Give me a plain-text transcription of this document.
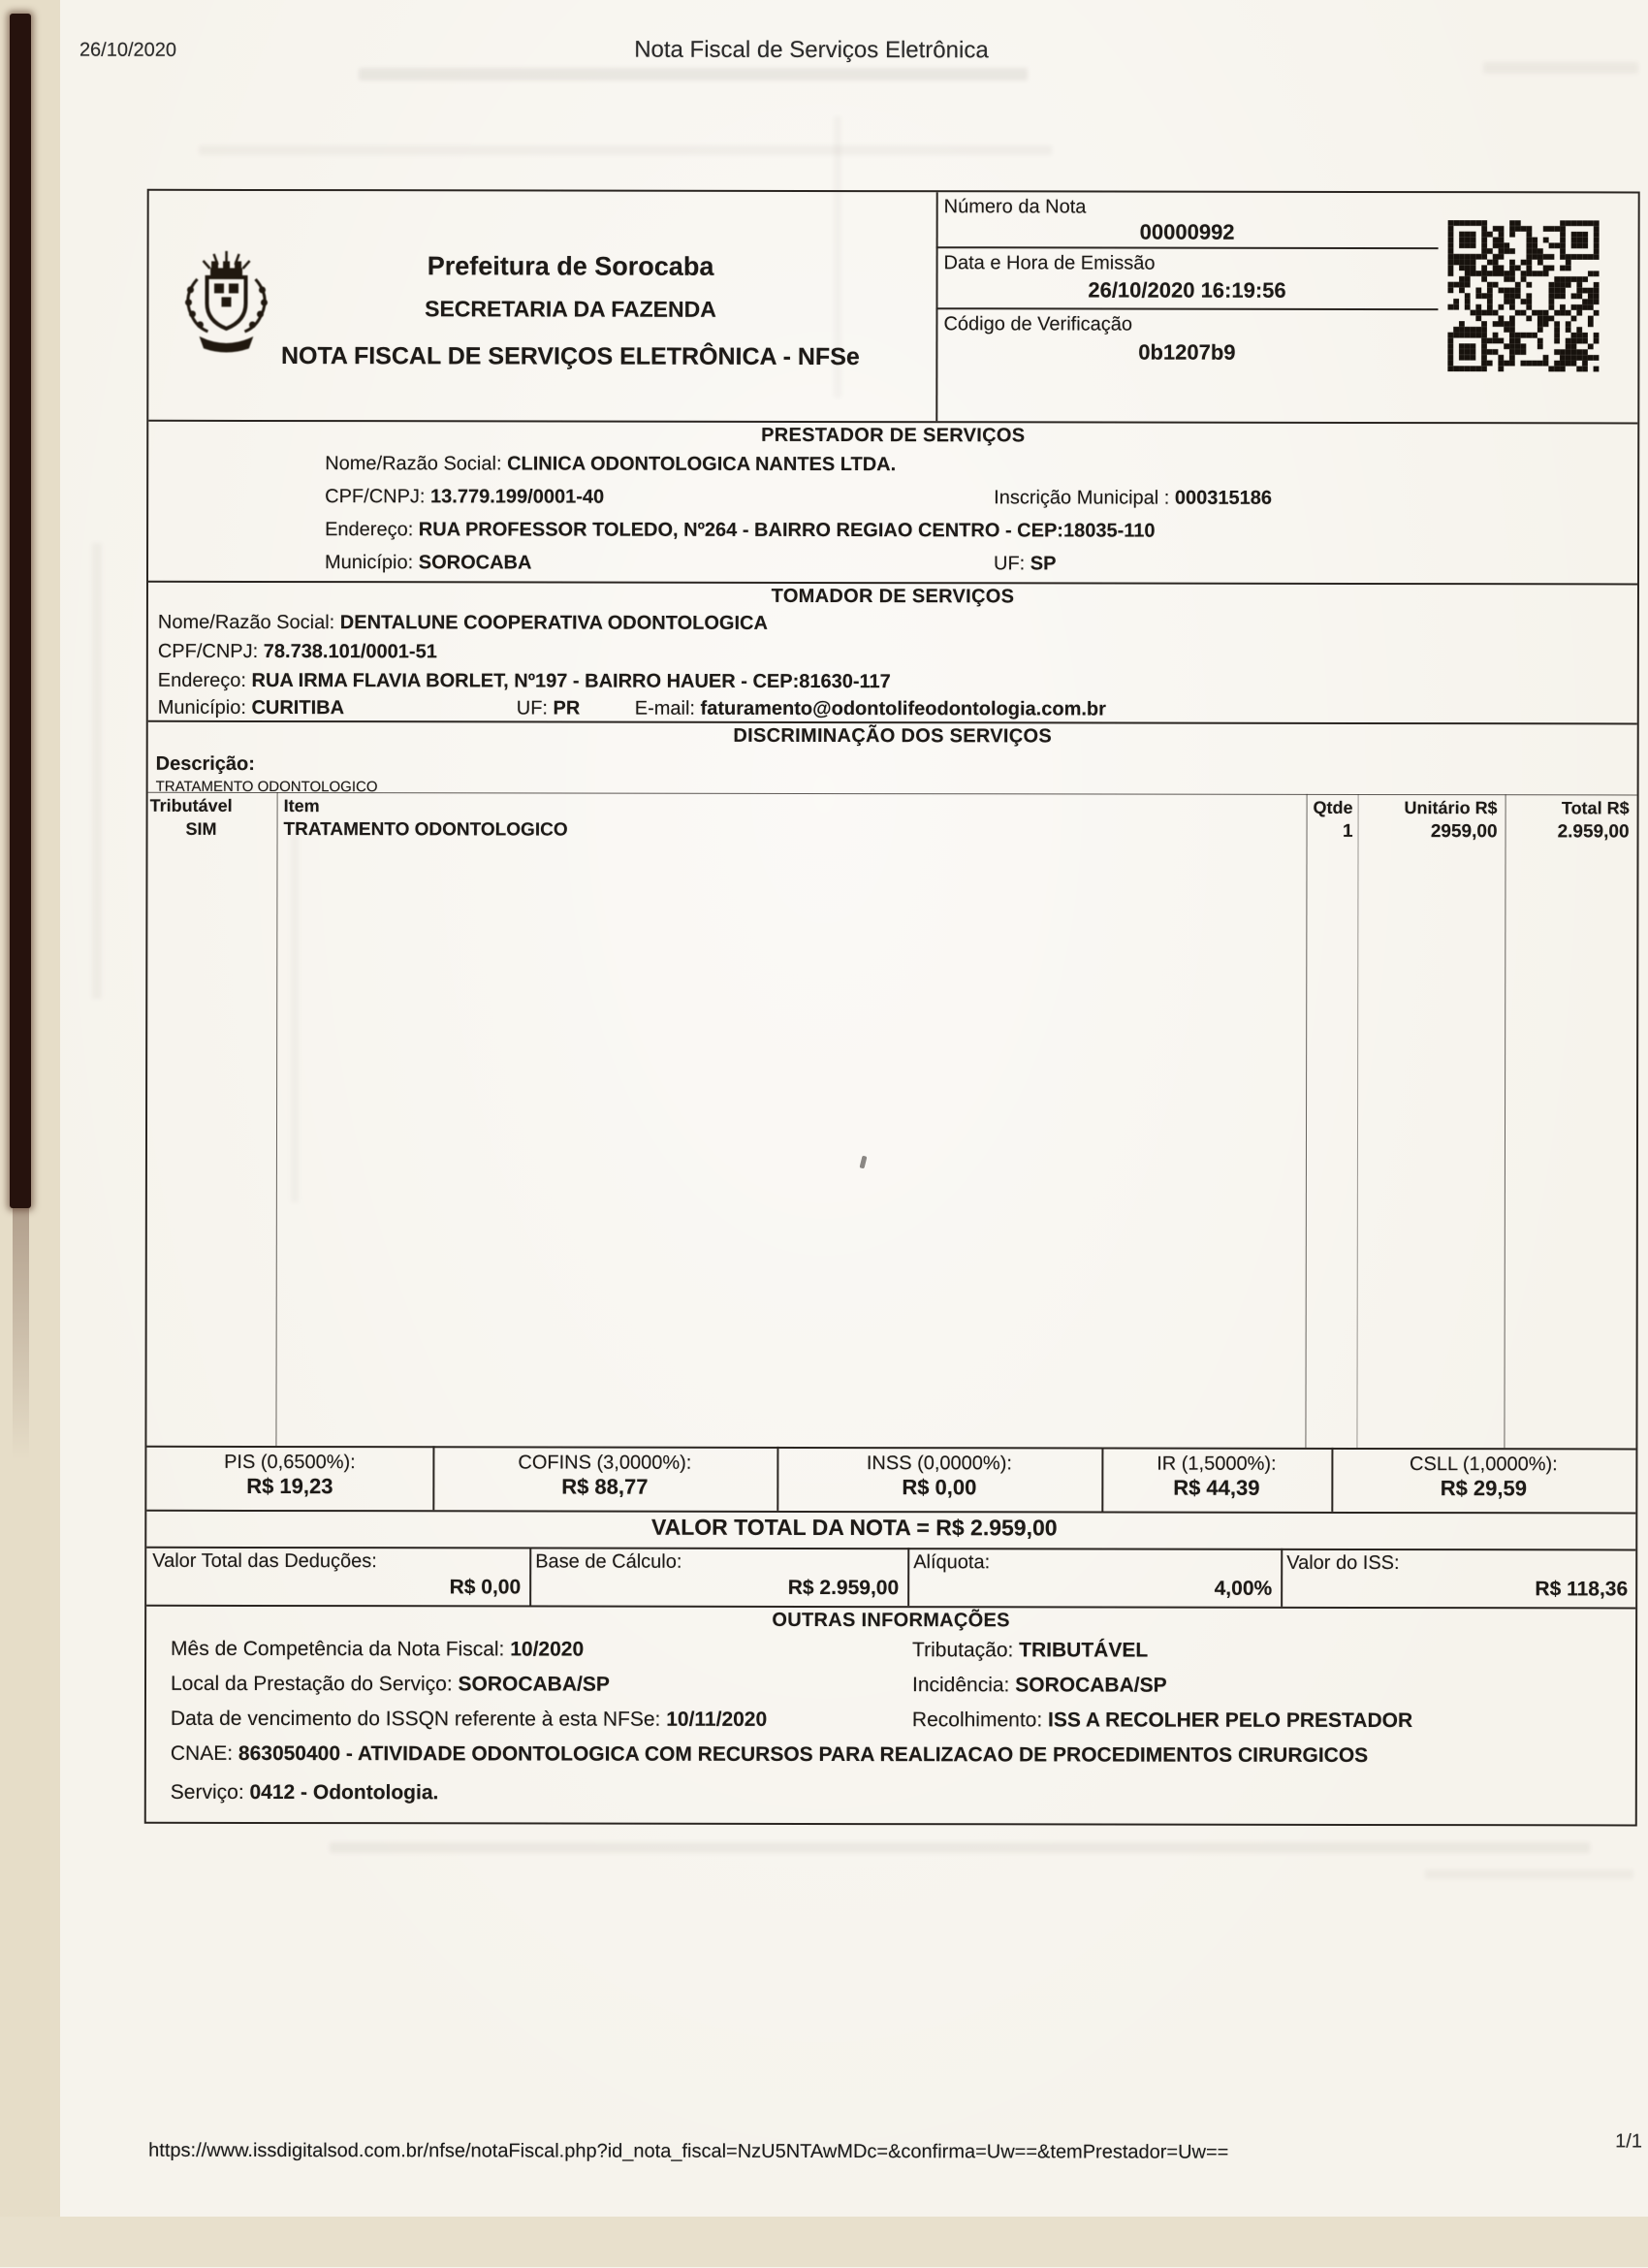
26/10/2020	Nota Fiscal de Serviços Eletrônica
Prefeitura de Sorocaba
SECRETARIA DA FAZENDA
NOTA FISCAL DE SERVIÇOS ELETRÔNICA - NFSe
Número da Nota
00000992
Data e Hora de Emissão
26/10/2020 16:19:56
Código de Verificação
0b1207b9
PRESTADOR DE SERVIÇOS
Nome/Razão Social: CLINICA ODONTOLOGICA NANTES LTDA.
CPF/CNPJ: 13.779.199/0001-40	Inscrição Municipal : 000315186
Endereço: RUA PROFESSOR TOLEDO, Nº264 - BAIRRO REGIAO CENTRO - CEP:18035-110
Município: SOROCABA	UF: SP
TOMADOR DE SERVIÇOS
Nome/Razão Social: DENTALUNE COOPERATIVA ODONTOLOGICA
CPF/CNPJ: 78.738.101/0001-51
Endereço: RUA IRMA FLAVIA BORLET, Nº197 - BAIRRO HAUER - CEP:81630-117
Município: CURITIBA	UF: PR	E-mail: faturamento@odontolifeodontologia.com.br
DISCRIMINAÇÃO DOS SERVIÇOS
Descrição:
TRATAMENTO ODONTOLOGICO
Tributável	Item	Qtde	Unitário R$	Total R$
SIM	TRATAMENTO ODONTOLOGICO	1	2959,00	2.959,00
PIS (0,6500%):
R$ 19,23
COFINS (3,0000%):
R$ 88,77
INSS (0,0000%):
R$ 0,00
IR (1,5000%):
R$ 44,39
CSLL (1,0000%):
R$ 29,59
VALOR TOTAL DA NOTA = R$ 2.959,00
Valor Total das Deduções:
R$ 0,00
Base de Cálculo:
R$ 2.959,00
Alíquota:
4,00%
Valor do ISS:
R$ 118,36
OUTRAS INFORMAÇÕES
Mês de Competência da Nota Fiscal: 10/2020	Tributação: TRIBUTÁVEL
Local da Prestação do Serviço: SOROCABA/SP	Incidência: SOROCABA/SP
Data de vencimento do ISSQN referente à esta NFSe: 10/11/2020	Recolhimento: ISS A RECOLHER PELO PRESTADOR
CNAE: 863050400 - ATIVIDADE ODONTOLOGICA COM RECURSOS PARA REALIZACAO DE PROCEDIMENTOS CIRURGICOS
Serviço: 0412 - Odontologia.
https://www.issdigitalsod.com.br/nfse/notaFiscal.php?id_nota_fiscal=NzU5NTAwMDc=&confirma=Uw==&temPrestador=Uw==	1/1
